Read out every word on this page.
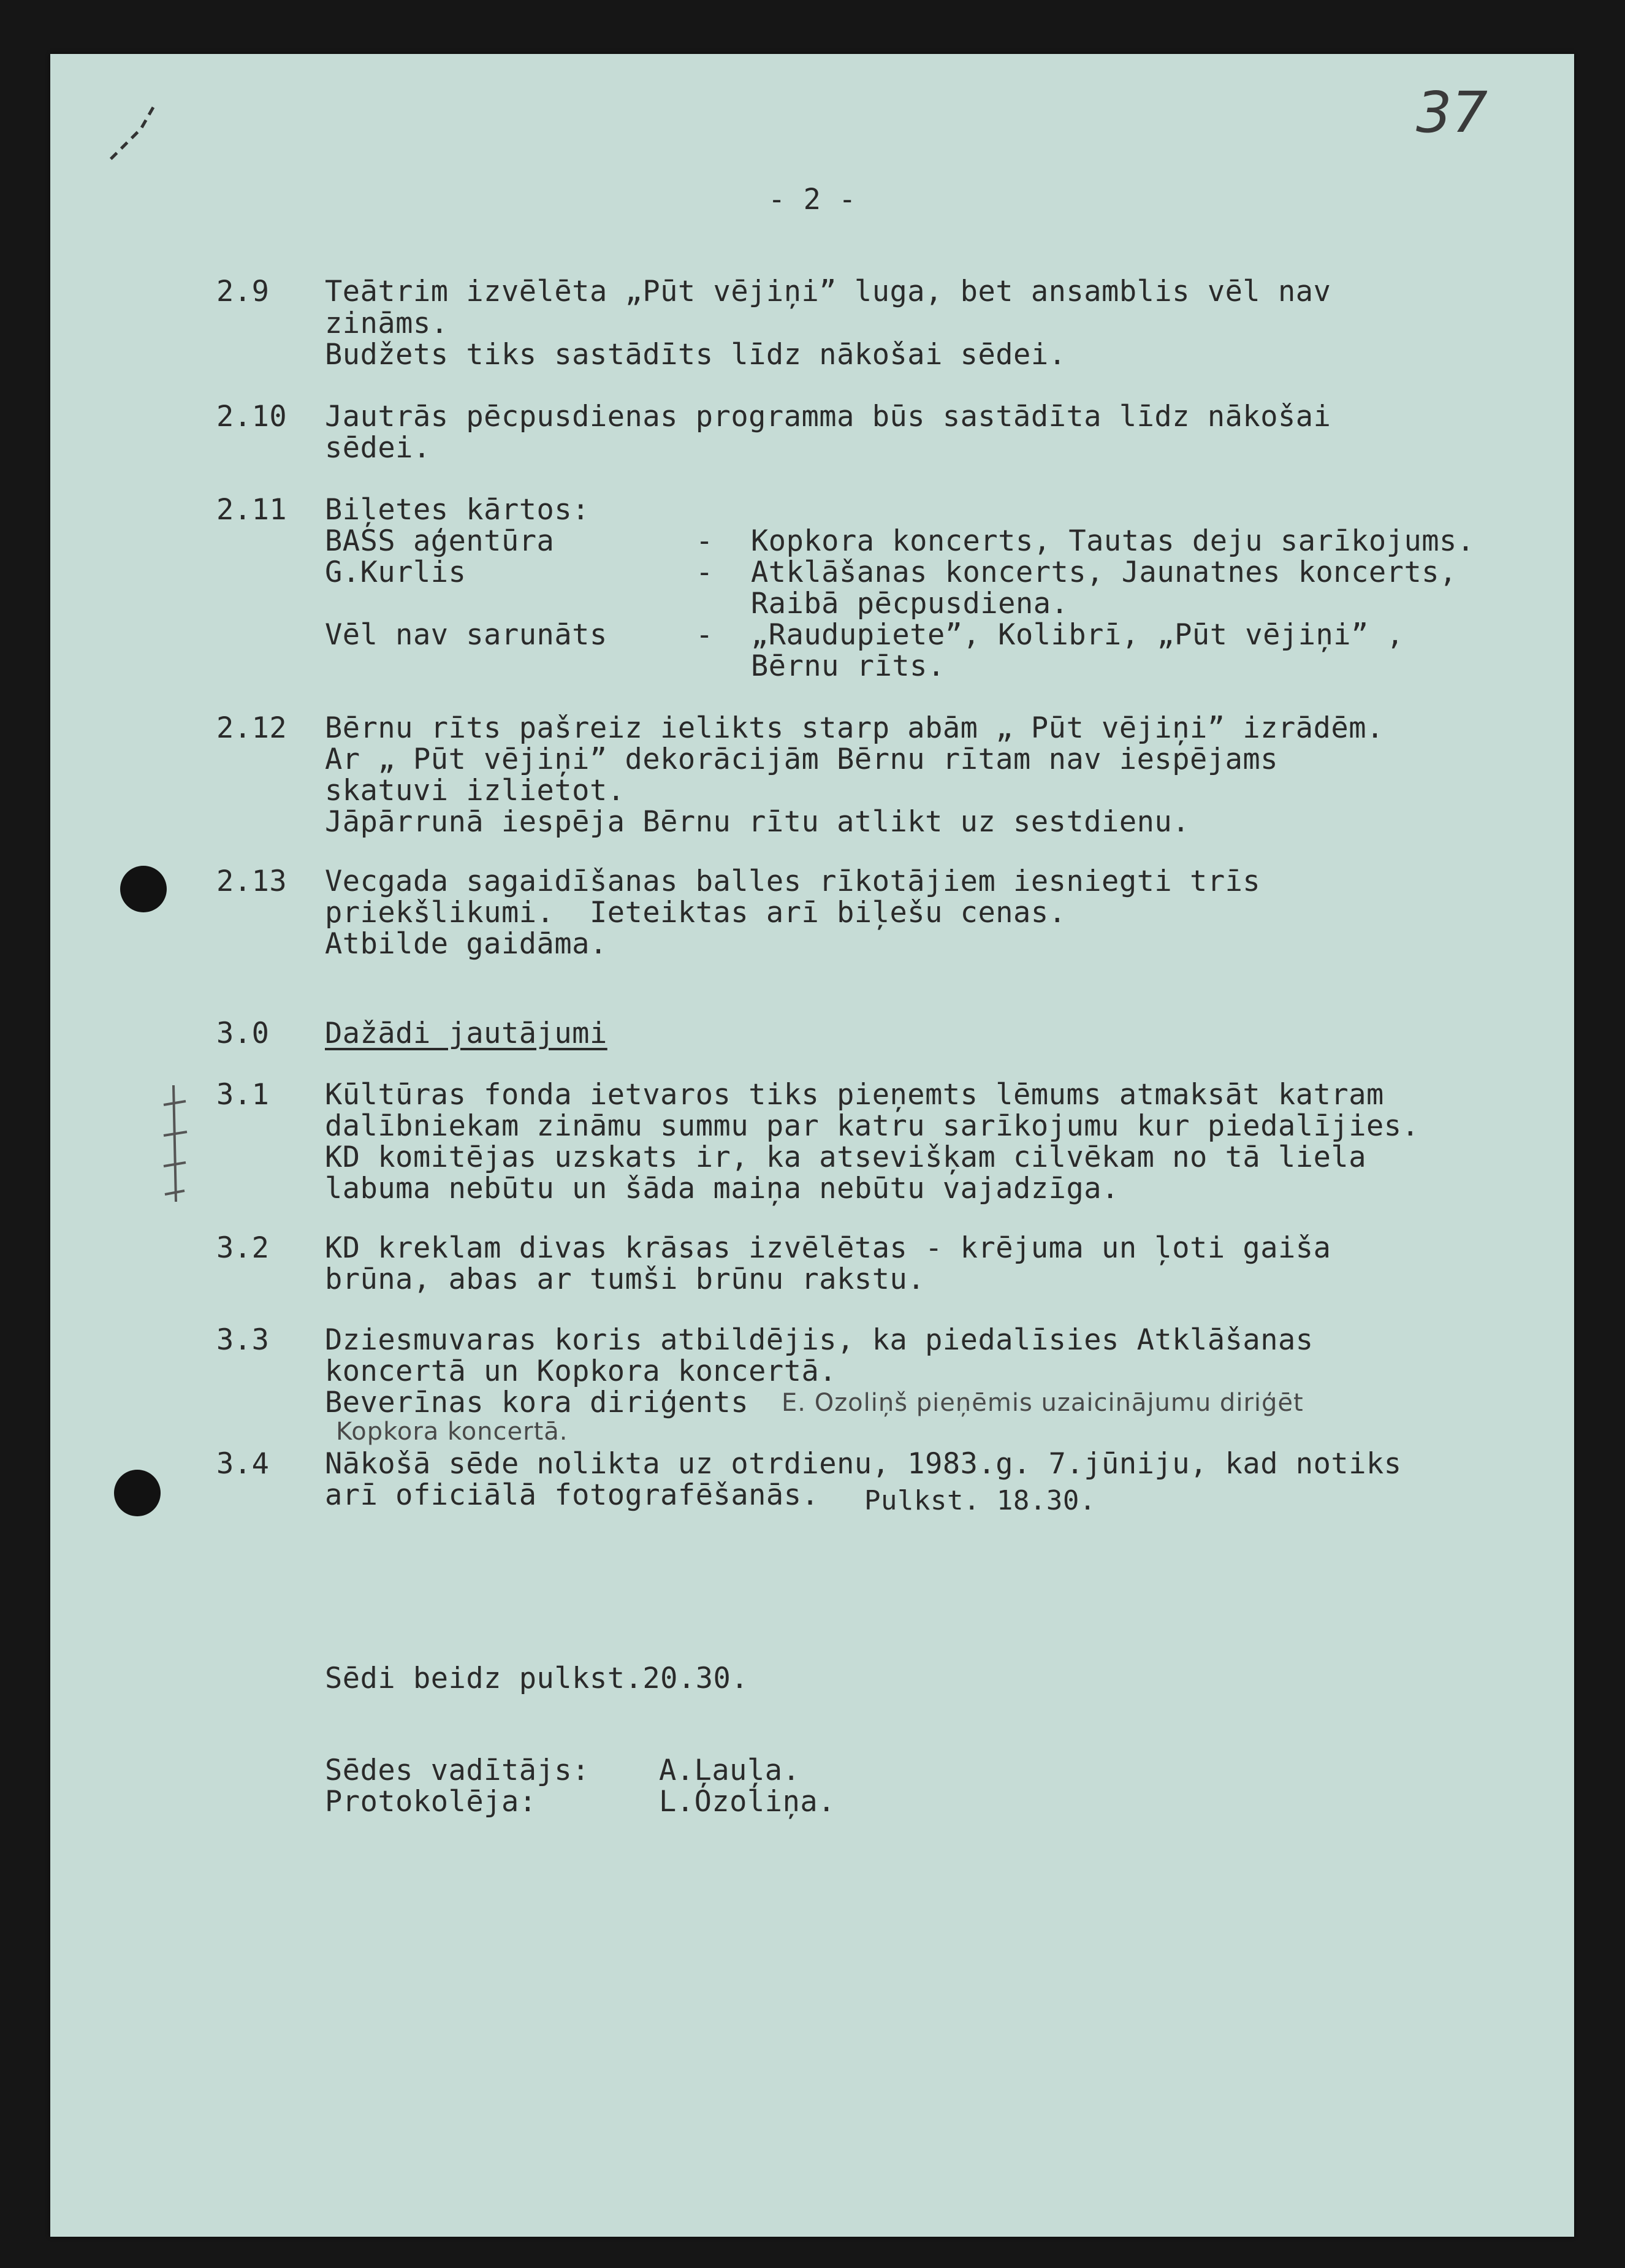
37
- 2 -
2.9 Teātrim izvēlēta „Pūt vējiņi” luga, bet ansamblis vēl nav
zināms.
Budžets tiks sastādīts līdz nākošai sēdei.
2.10 Jautrās pēcpusdienas programma būs sastādīta līdz nākošai
sēdei.
2.11 Biļetes kārtos:
BASS aģentūra	- Kopkora koncerts, Tautas deju sarīkojums.
G.Kurlis	- Atklāšanas koncerts, Jaunatnes koncerts,
Raibā pēcpusdiena.
Vēl nav sarunāts	- „Raudupiete”, Kolibrī, „Pūt vējiņi” ,
Bērnu rīts.
2.12 Bērnu rīts pašreiz ielikts starp abām „ Pūt vējiņi” izrādēm.
Ar „ Pūt vējiņi” dekorācijām Bērnu rītam nav iespējams
skatuvi izlietot.
Jāpārrunā iespēja Bērnu rītu atlikt uz sestdienu.
2.13 Vecgada sagaidīšanas balles rīkotājiem iesniegti trīs
priekšlikumi.  Ieteiktas arī biļešu cenas.
Atbilde gaidāma.
3.0 Dažādi jautājumi
3.1 Kūltūras fonda ietvaros tiks pieņemts lēmums atmaksāt katram
dalībniekam zināmu summu par katru sarīkojumu kur piedalījies.
KD komitējas uzskats ir, ka atsevišķam cilvēkam no tā liela
labuma nebūtu un šāda maiņa nebūtu vajadzīga.
3.2 KD kreklam divas krāsas izvēlētas - krējuma un ļoti gaiša
brūna, abas ar tumši brūnu rakstu.
3.3 Dziesmuvaras koris atbildējis, ka piedalīsies Atklāšanas
koncertā un Kopkora koncertā.
Beverīnas kora diriģents E. Ozoliņš pieņēmis uzaicinājumu diriģēt
Kopkora koncertā.
3.4 Nākošā sēde nolikta uz otrdienu, 1983.g. 7.jūniju, kad notiks
arī oficiālā fotografēšanās. Pulkst. 18.30.
Sēdi beidz pulkst.20.30.
Sēdes vadītājs: A.Ļauļa.
Protokolēja:	L.Ozoliņa.
